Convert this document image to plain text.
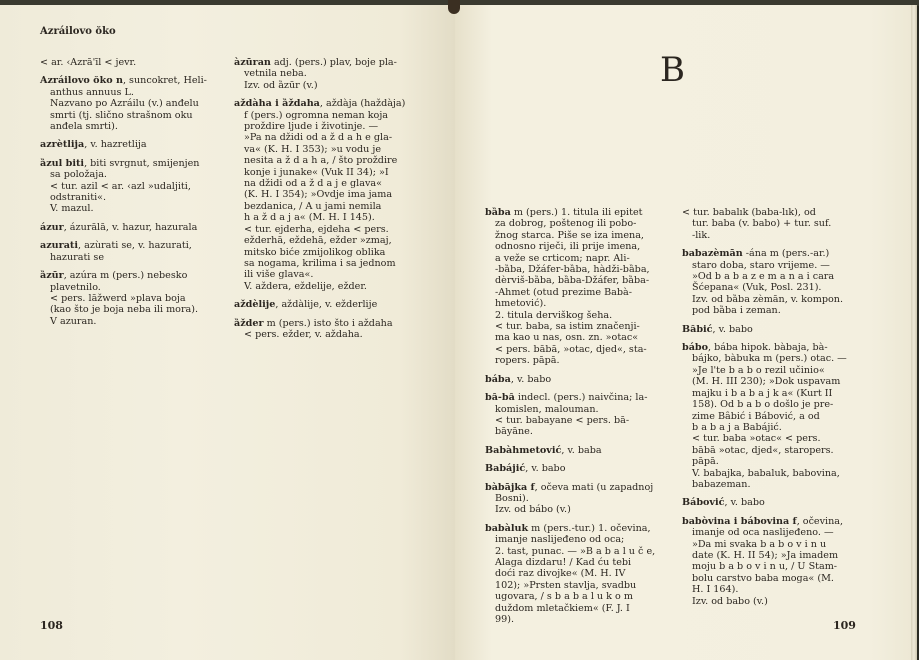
Azráilovo ŏko
< ar. ‹Azrā'īl < jevr.
Azráilovo ŏko n, suncokret, Heli-
anthus annuus L.
Nazvano po Azráilu (v.) anđelu
smrti (tj. slično strašnom oku
anđela smrti).
azrètlija, v. hazretlija
ȁzul biti, biti svrgnut, smijenjen
sa položaja.
< tur. azil < ar. ‹azl »udaljiti,
odstraniti«.
V. mazul.
ázur, ázurālā, v. hazur, hazurala
azurati, azùrati se, v. hazurati,
hazurati se
ȁzūr, azúra m (pers.) nebesko
plavetnilo.
< pers. lāžwerd »plava boja
(kao što je boja neba ili mora).
V azuran.
àzūran adj. (pers.) plav, boje pla-
vetnila neba.
Izv. od ȁzūr (v.)
aždàha i ȁždaha, aždàja (haždàja)
f (pers.) ogromna neman koja
proždire ljude i životinje. —
»Pa na džidi od a ž d a h e gla-
va« (K. H. I 353); »u vodu je
nesita a ž d a h a, / što proždire
konje i junake« (Vuk II 34); »I
na džidi od a ž d a j e glava«
(K. H. I 354); »Ovdje ima jama
bezdanica, / A u jami nemila
h a ž d a j a« (M. H. I 145).
< tur. ejderha, ejdeha < pers.
ežderhā, eždehā, ežder »zmaj,
mitsko biće zmijolikog oblika
sa nogama, krilima i sa jednom
ili više glava«.
V. aždera, eždelije, ežder.
aždèlije, aždàlije, v. ežderlije
ȁžder m (pers.) isto što i aždaha
< pers. ežder, v. aždaha.
108
bȁba m (pers.) 1. titula ili epitet
za dobrog, poštenog ili pobo-
žnog starca. Piše se iza imena,
odnosno riječi, ili prije imena,
a veže se crticom; napr. Ali-
-bȁba, Džáfer-bȁba, hàdži-bȁba,
dèrviš-bȁba, bȁba-Džáfer, bȁba-
-Ahmet (otud prezime Babà-
hmetović).
2. titula derviškog šeha.
< tur. baba, sa istim značenji-
ma kao u nas, osn. zn. »otac«
< pers. bābā, »otac, djed«, sta-
ropers. pāpā.
bába, v. babo
bȃ-bȃ indecl. (pers.) naivčina; la-
komislen, malouman.
< tur. babayane < pers. bā-
bāyāne.
Babàhmetović, v. baba
Babájić, v. babo
bàbājka f, očeva mati (u zapadnoj
Bosni).
Izv. od bábo (v.)
babàluk m (pers.-tur.) 1. očevina,
imanje naslijeđeno od oca;
2. tast, punac. — »B a b a l u č e,
Alaga dizdaru! / Kad ću tebi
doći raz divojke« (M. H. IV
102); »Prsten stavlja, svadbu
ugovara, / s b a b a l u k o m
duždom mletačkiem« (F. J. I
99).
< tur. babalık (baba-lık), od
tur. baba (v. babo) + tur. suf.
-lik.
babazèmān -ána m (pers.-ar.)
staro doba, staro vrijeme. —
»Od b a b a z e m a n a i cara
Šćepana« (Vuk, Posl. 231).
Izv. od bȁba zèmān, v. kompon.
pod bȁba i zeman.
Bȃbić, v. babo
bábo, bába hipok. bàbaja, bà-
bájko, bàbuka m (pers.) otac. —
»Je l'te b a b o rezil učinio«
(M. H. III 230); »Dok uspavam
majku i b a b a j k a« (Kurt II
158). Od b a b o došlo je pre-
zime Bȃbić i Bábović, a od
b a b a j a Babájić.
< tur. baba »otac« < pers.
bābā »otac, djed«, staropers.
pāpā.
V. babajka, babaluk, babovina,
babazeman.
Bábović, v. babo
babòvina i bábovina f, očevina,
imanje od oca naslijeđeno. —
»Da mi svaka b a b o v i n u
date (K. H. II 54); »Ja imadem
moju b a b o v i n u, / U Stam-
bolu carstvo baba moga« (M.
H. I 164).
Izv. od babo (v.)
109
B
